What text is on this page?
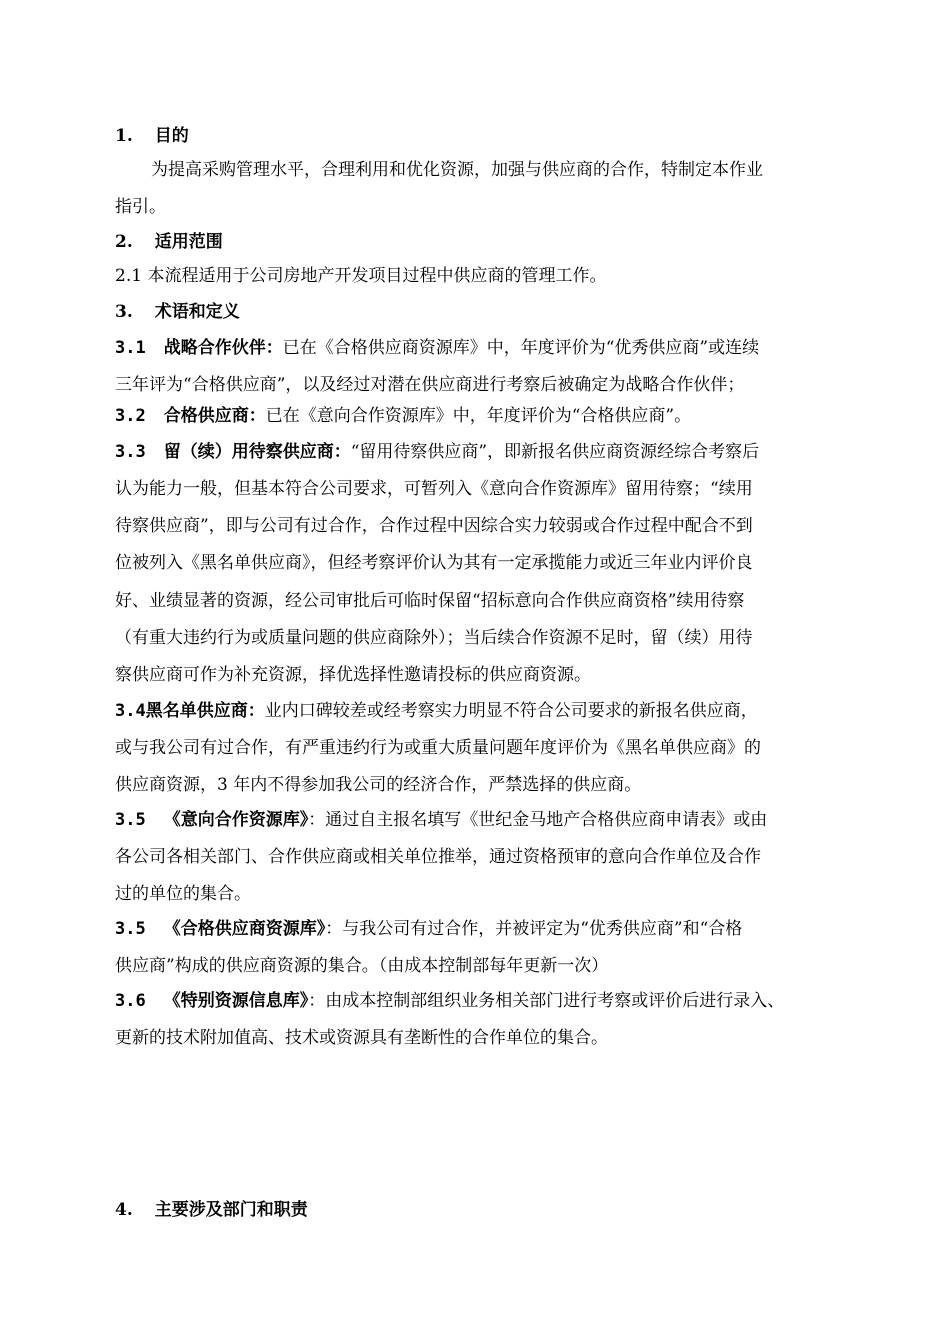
1. 目的
为提高采购管理水平，合理利用和优化资源，加强与供应商的合作，特制定本作业
指引。
2. 适用范围
2.1 本流程适用于公司房地产开发项目过程中供应商的管理工作。
3. 术语和定义
3.1 战略合作伙伴：已在《合格供应商资源库》中，年度评价为“优秀供应商”或连续
三年评为“合格供应商”，以及经过对潜在供应商进行考察后被确定为战略合作伙伴；
3.2 合格供应商：已在《意向合作资源库》中，年度评价为“合格供应商”。
3.3 留（续）用待察供应商：“留用待察供应商”，即新报名供应商资源经综合考察后
认为能力一般，但基本符合公司要求，可暂列入《意向合作资源库》留用待察；“续用
待察供应商”，即与公司有过合作，合作过程中因综合实力较弱或合作过程中配合不到
位被列入《黑名单供应商》，但经考察评价认为其有一定承揽能力或近三年业内评价良
好、业绩显著的资源，经公司审批后可临时保留“招标意向合作供应商资格”续用待察
（有重大违约行为或质量问题的供应商除外）；当后续合作资源不足时，留（续）用待
察供应商可作为补充资源，择优选择性邀请投标的供应商资源。
3.4黑名单供应商：业内口碑较差或经考察实力明显不符合公司要求的新报名供应商，
或与我公司有过合作，有严重违约行为或重大质量问题年度评价为《黑名单供应商》的
供应商资源，3 年内不得参加我公司的经济合作，严禁选择的供应商。
3.5 《意向合作资源库》：通过自主报名填写《世纪金马地产合格供应商申请表》或由
各公司各相关部门、合作供应商或相关单位推举，通过资格预审的意向合作单位及合作
过的单位的集合。
3.5 《合格供应商资源库》：与我公司有过合作，并被评定为“优秀供应商”和“合格
供应商”构成的供应商资源的集合。（由成本控制部每年更新一次）
3.6 《特别资源信息库》：由成本控制部组织业务相关部门进行考察或评价后进行录入、
更新的技术附加值高、技术或资源具有垄断性的合作单位的集合。
4. 主要涉及部门和职责
